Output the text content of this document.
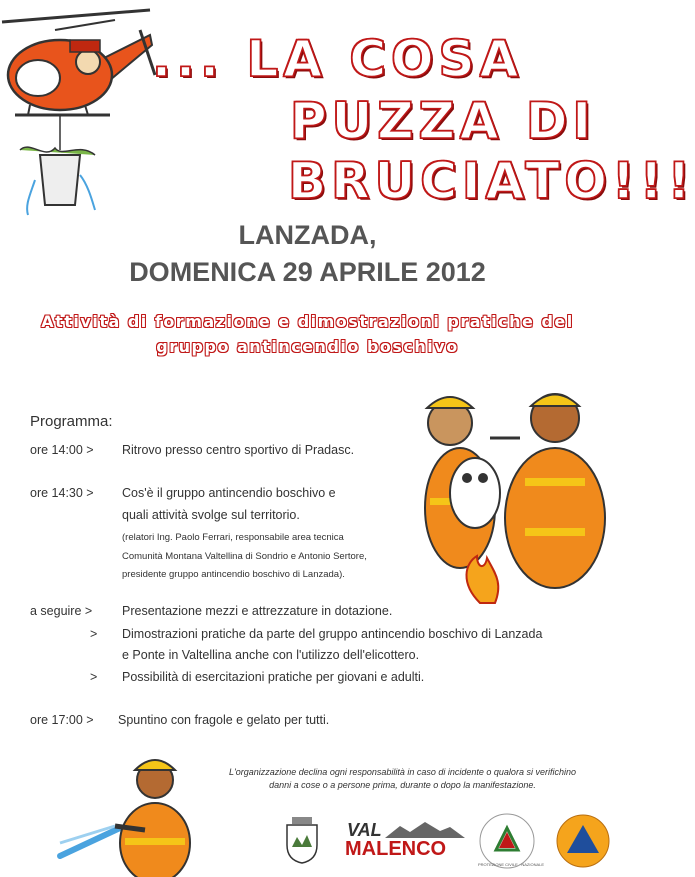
... LA COSA
PUZZA DI
BRUCIATO!!!
LANZADA,
DOMENICA 29 APRILE 2012
Attività di formazione e dimostrazioni pratiche del
gruppo antincendio boschivo
Programma:
ore 14:00 > Ritrovo presso centro sportivo di Pradasc.
ore 14:30 > Cos'è il gruppo antincendio boschivo e
quali attività svolge sul territorio.
(relatori Ing. Paolo Ferrari, responsabile area tecnica
Comunità Montana Valtellina di Sondrio e Antonio Sertore,
presidente gruppo antincendio boschivo di Lanzada).
a seguire > Presentazione mezzi e attrezzature in dotazione.
> Dimostrazioni pratiche da parte del gruppo antincendio boschivo di Lanzada
e Ponte in Valtellina anche con l'utilizzo dell'elicottero.
> Possibilità di esercitazioni pratiche per giovani e adulti.
ore 17:00 > Spuntino con fragole e gelato per tutti.
L'organizzazione declina ogni responsabilità in caso di incidente o qualora si verifichino
danni a cose o a persone prima, durante o dopo la manifestazione.
VAL
MALENCO
PROTEZIONE CIVILE · NAZIONALE
